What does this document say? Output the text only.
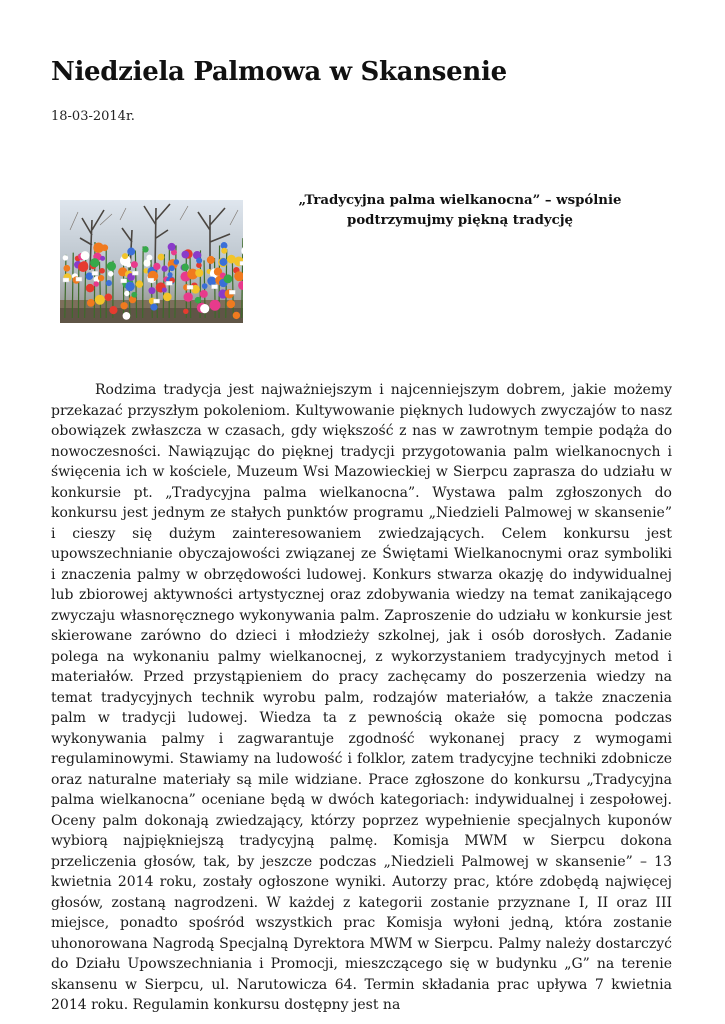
Niedziela Palmowa w Skansenie
18-03-2014r.
„Tradycyjna palma wielkanocna” – wspólnie podtrzymujmy piękną tradycję

Rodzima tradycja jest najważniejszym i najcenniejszym dobrem, jakie możemy przekazać przyszłym pokoleniom. Kultywowanie pięknych ludowych zwyczajów to nasz obowiązek zwłaszcza w czasach, gdy większość z nas w zawrotnym tempie podąża do nowoczesności. Nawiązując do pięknej tradycji przygotowania palm wielkanocnych i święcenia ich w kościele, Muzeum Wsi Mazowieckiej w Sierpcu zaprasza do udziału w konkursie pt. „Tradycyjna palma wielkanocna”. Wystawa palm zgłoszonych do konkursu jest jednym ze stałych punktów programu „Niedzieli Palmowej w skansenie” i cieszy się dużym zainteresowaniem zwiedzających. Celem konkursu jest upowszechnianie obyczajowości związanej ze Świętami Wielkanocnymi oraz symboliki i znaczenia palmy w obrzędowości ludowej. Konkurs stwarza okazję do indywidualnej lub zbiorowej aktywności artystycznej oraz zdobywania wiedzy na temat zanikającego zwyczaju własnoręcznego wykonywania palm. Zaproszenie do udziału w konkursie jest skierowane zarówno do dzieci i młodzieży szkolnej, jak i osób dorosłych. Zadanie polega na wykonaniu palmy wielkanocnej, z wykorzystaniem tradycyjnych metod i materiałów. Przed przystąpieniem do pracy zachęcamy do poszerzenia wiedzy na temat tradycyjnych technik wyrobu palm, rodzajów materiałów, a także znaczenia palm w tradycji ludowej. Wiedza ta z pewnością okaże się pomocna podczas wykonywania palmy i zagwarantuje zgodność wykonanej pracy z wymogami regulaminowymi. Stawiamy na ludowość i folklor, zatem tradycyjne techniki zdobnicze oraz naturalne materiały są mile widziane. Prace zgłoszone do konkursu „Tradycyjna palma wielkanocna” oceniane będą w dwóch kategoriach: indywidualnej i zespołowej. Oceny palm dokonają zwiedzający, którzy poprzez wypełnienie specjalnych kuponów wybiorą najpiękniejszą tradycyjną palmę. Komisja MWM w Sierpcu dokona przeliczenia głosów, tak, by jeszcze podczas „Niedzieli Palmowej w skansenie” – 13 kwietnia 2014 roku, zostały ogłoszone wyniki. Autorzy prac, które zdobędą najwięcej głosów, zostaną nagrodzeni. W każdej z kategorii zostanie przyznane I, II oraz III miejsce, ponadto spośród wszystkich prac Komisja wyłoni jedną, która zostanie uhonorowana Nagrodą Specjalną Dyrektora MWM w Sierpcu. Palmy należy dostarczyć do Działu Upowszechniania i Promocji, mieszczącego się w budynku „G” na terenie skansenu w Sierpcu, ul. Narutowicza 64. Termin składania prac upływa 7 kwietnia 2014 roku. Regulamin konkursu dostępny jest na
